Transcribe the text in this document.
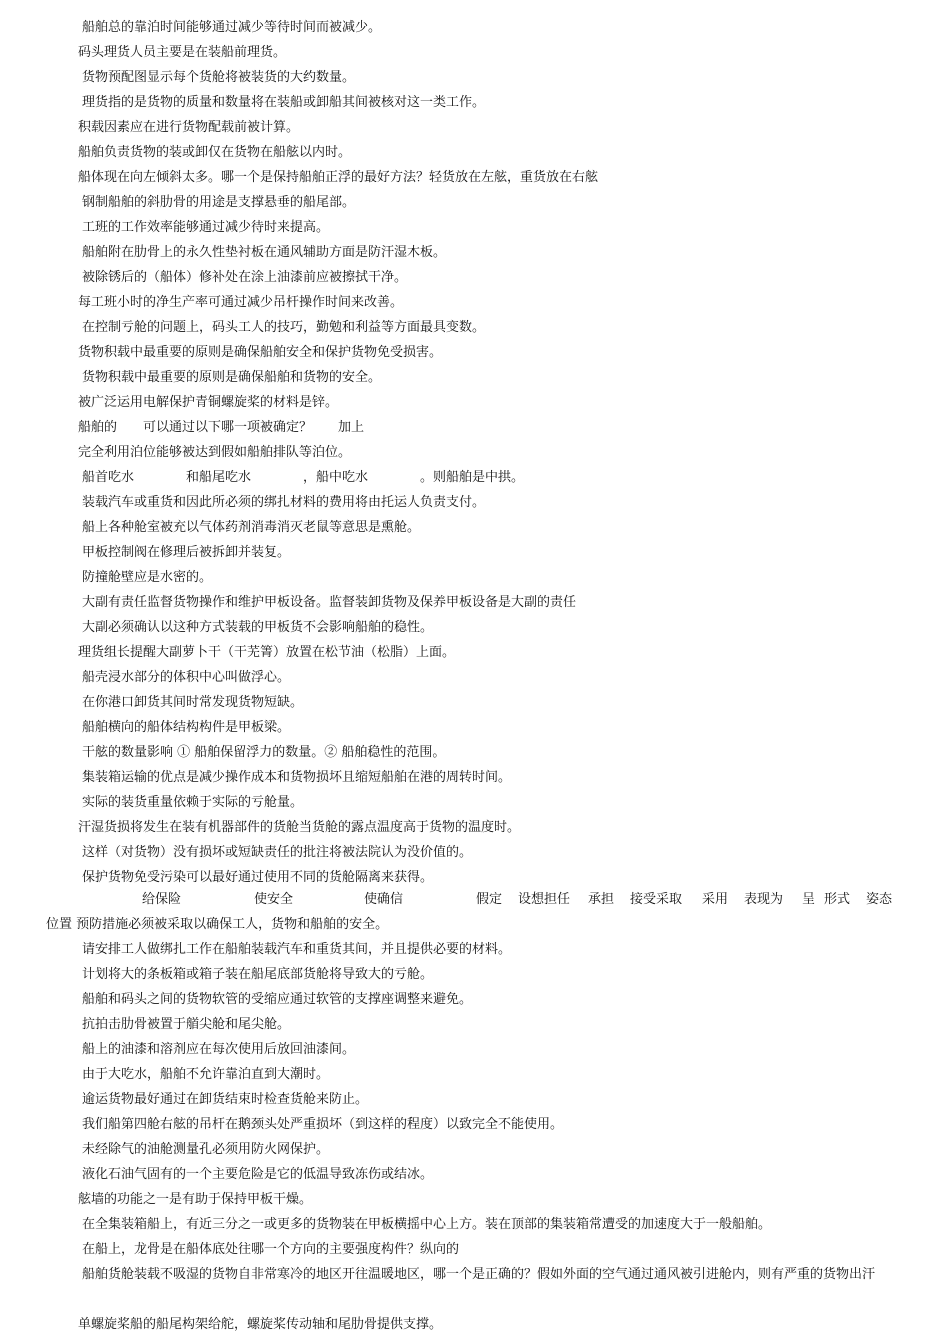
船舶总的靠泊时间能够通过减少等待时间而被减少。
码头理货人员主要是在装船前理货。
货物预配图显示每个货舱将被装货的大约数量。
理货指的是货物的质量和数量将在装船或卸船其间被核对这一类工作。
积载因素应在进行货物配载前被计算。
船舶负责货物的装或卸仅在货物在船舷以内时。
船体现在向左倾斜太多。哪一个是保持船舶正浮的最好方法？轻货放在左舷，重货放在右舷
钢制船舶的斜肋骨的用途是支撑悬垂的船尾部。
工班的工作效率能够通过减少待时来提高。
船舶附在肋骨上的永久性垫衬板在通风辅助方面是防汗湿木板。
被除锈后的（船体）修补处在涂上油漆前应被擦拭干净。
每工班小时的净生产率可通过减少吊杆操作时间来改善。
在控制亏舱的问题上，码头工人的技巧，勤勉和利益等方面最具变数。
货物积载中最重要的原则是确保船舶安全和保护货物免受损害。
货物积载中最重要的原则是确保船舶和货物的安全。
被广泛运用电解保护青铜螺旋桨的材料是锌。
船舶的　　可以通过以下哪一项被确定？　　加上
完全利用泊位能够被达到假如船舶排队等泊位。
船首吃水　　　　和船尾吃水　　　　，船中吃水　　　　。则船舶是中拱。
装载汽车或重货和因此所必须的绑扎材料的费用将由托运人负责支付。
船上各种舱室被充以气体药剂消毒消灭老鼠等意思是熏舱。
甲板控制阀在修理后被拆卸并装复。
防撞舱壁应是水密的。
大副有责任监督货物操作和维护甲板设备。监督装卸货物及保养甲板设备是大副的责任
大副必须确认以这种方式装载的甲板货不会影响船舶的稳性。
理货组长提醒大副萝卜干（干芜箐）放置在松节油（松脂）上面。
船壳浸水部分的体积中心叫做浮心。
在你港口卸货其间时常发现货物短缺。
船舶横向的船体结构构件是甲板梁。
干舷的数量影响 ① 船舶保留浮力的数量。② 船舶稳性的范围。
集装箱运输的优点是减少操作成本和货物损坏且缩短船舶在港的周转时间。
实际的装货重量依赖于实际的亏舱量。
汗湿货损将发生在装有机器部件的货舱当货舱的露点温度高于货物的温度时。
这样（对货物）没有损坏或短缺责任的批注将被法院认为没价值的。
保护货物免受污染可以最好通过使用不同的货舱隔离来获得。
给保险	使安全	使确信	假定	设想担任	承担	接受采取	采用	表现为	呈 形式	姿态
位置 预防措施必须被采取以确保工人，货物和船舶的安全。
请安排工人做绑扎工作在船舶装载汽车和重货其间，并且提供必要的材料。
计划将大的条板箱或箱子装在船尾底部货舱将导致大的亏舱。
船舶和码头之间的货物软管的受缩应通过软管的支撑座调整来避免。
抗拍击肋骨被置于艏尖舱和尾尖舱。
船上的油漆和溶剂应在每次使用后放回油漆间。
由于大吃水，船舶不允许靠泊直到大潮时。
逾运货物最好通过在卸货结束时检查货舱来防止。
我们船第四舱右舷的吊杆在鹅颈头处严重损坏（到这样的程度）以致完全不能使用。
未经除气的油舱测量孔必须用防火网保护。
液化石油气固有的一个主要危险是它的低温导致冻伤或结冰。
舷墙的功能之一是有助于保持甲板干燥。
在全集装箱船上，有近三分之一或更多的货物装在甲板横摇中心上方。装在顶部的集装箱常遭受的加速度大于一般船舶。
在船上，龙骨是在船体底处往哪一个方向的主要强度构件？纵向的
船舶货舱装载不吸湿的货物自非常寒冷的地区开往温暖地区，哪一个是正确的？假如外面的空气通过通风被引进舱内，则有严重的货物出汗
单螺旋桨船的船尾构架给舵，螺旋桨传动轴和尾肋骨提供支撑。
